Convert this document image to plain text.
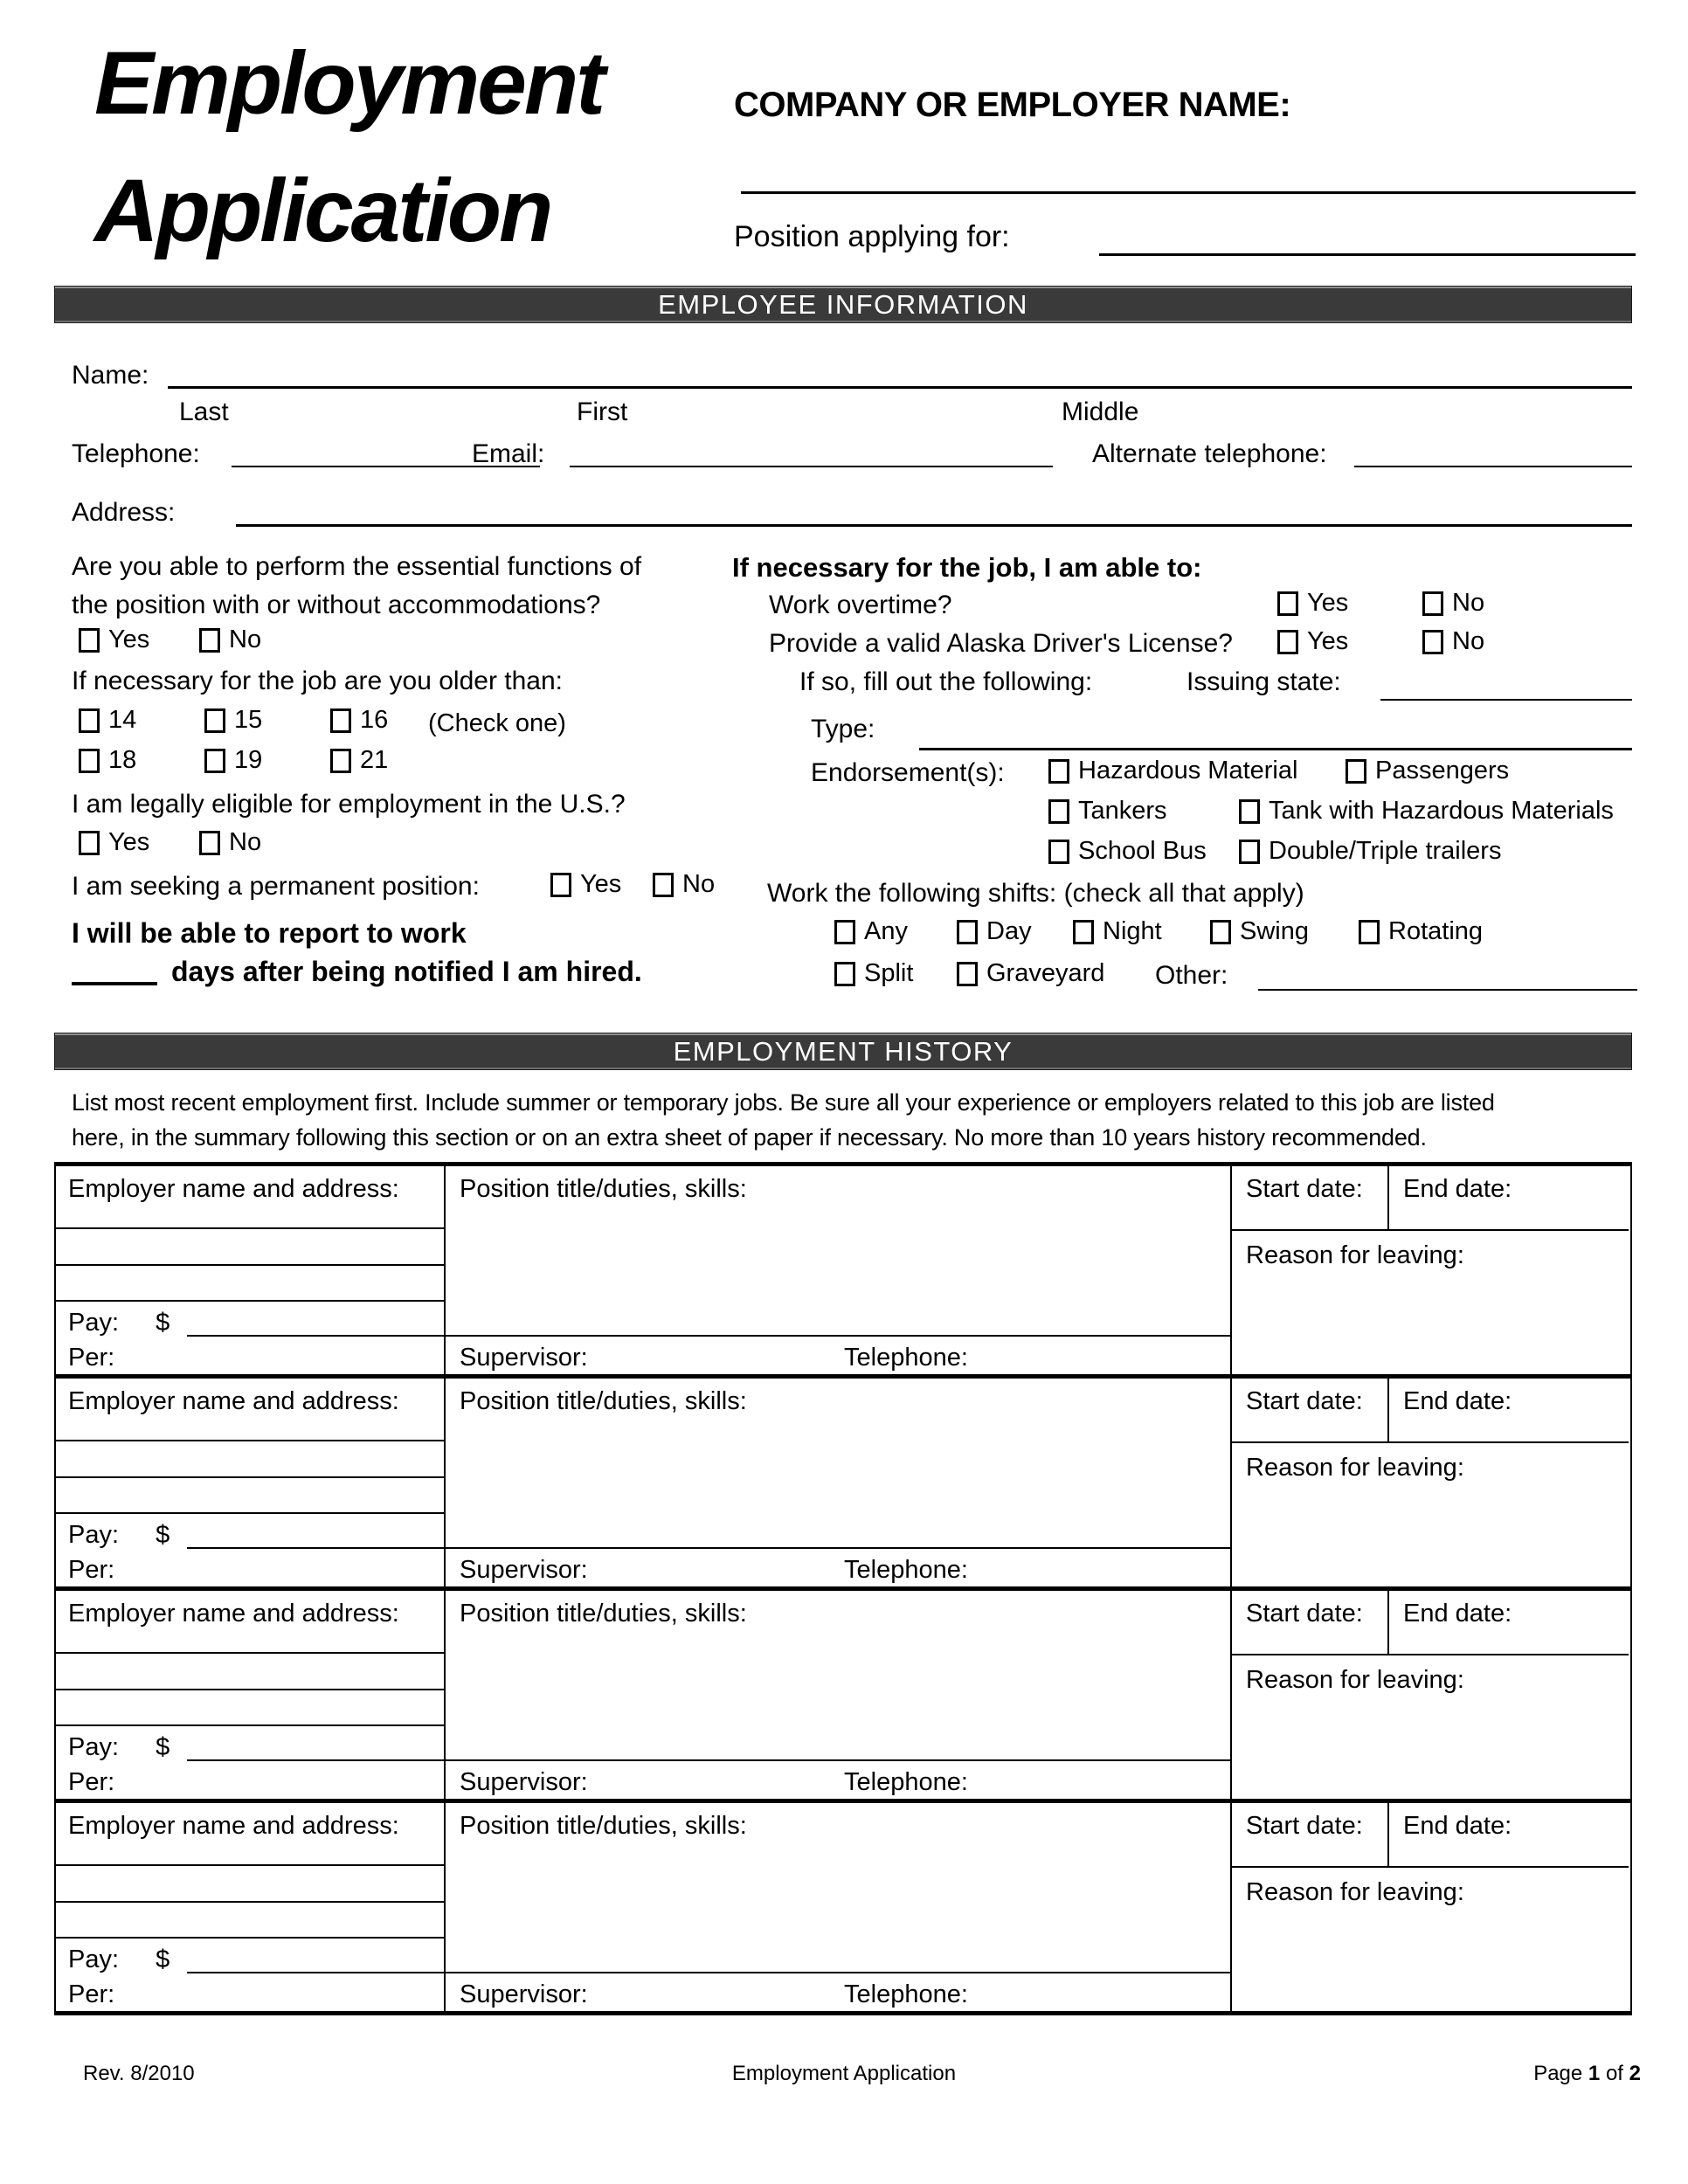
Employment
Application
COMPANY OR EMPLOYER NAME:
Position applying for:
EMPLOYEE INFORMATION
Name:
Last	First	Middle
Telephone:	Email:	Alternate telephone:
Address:
Are you able to perform the essential functions of
the position with or without accommodations?
Yes	No
If necessary for the job are you older than:
14	15	16 (Check one)
18	19	21
I am legally eligible for employment in the U.S.?
Yes	No
I am seeking a permanent position:	Yes No
I will be able to report to work
days after being notified I am hired.
If necessary for the job, I am able to:
Work overtime?	Yes	No
Provide a valid Alaska Driver's License?	Yes	No
If so, fill out the following:	Issuing state:
Type:
Endorsement(s):	Hazardous Material	Passengers
Tankers	Tank with Hazardous Materials
School Bus Double/Triple trailers
Work the following shifts: (check all that apply)
Any	Day	Night	Swing	Rotating
Split	Graveyard Other:
EMPLOYMENT HISTORY
List most recent employment first. Include summer or temporary jobs. Be sure all your experience or employers related to this job are listed
here, in the summary following this section or on an extra sheet of paper if necessary. No more than 10 years history recommended.
Employer name and address:
Pay: $
Per:
Position title/duties, skills:
Supervisor:	Telephone:
Start date:	End date:
Reason for leaving:
Employer name and address:
Pay: $
Per:
Position title/duties, skills:
Supervisor:	Telephone:
Start date:	End date:
Reason for leaving:
Employer name and address:
Pay: $
Per:
Position title/duties, skills:
Supervisor:	Telephone:
Start date:	End date:
Reason for leaving:
Employer name and address:
Pay: $
Per:
Position title/duties, skills:
Supervisor:	Telephone:
Start date:	End date:
Reason for leaving:
Rev. 8/2010	Employment Application	Page 1 of 2
